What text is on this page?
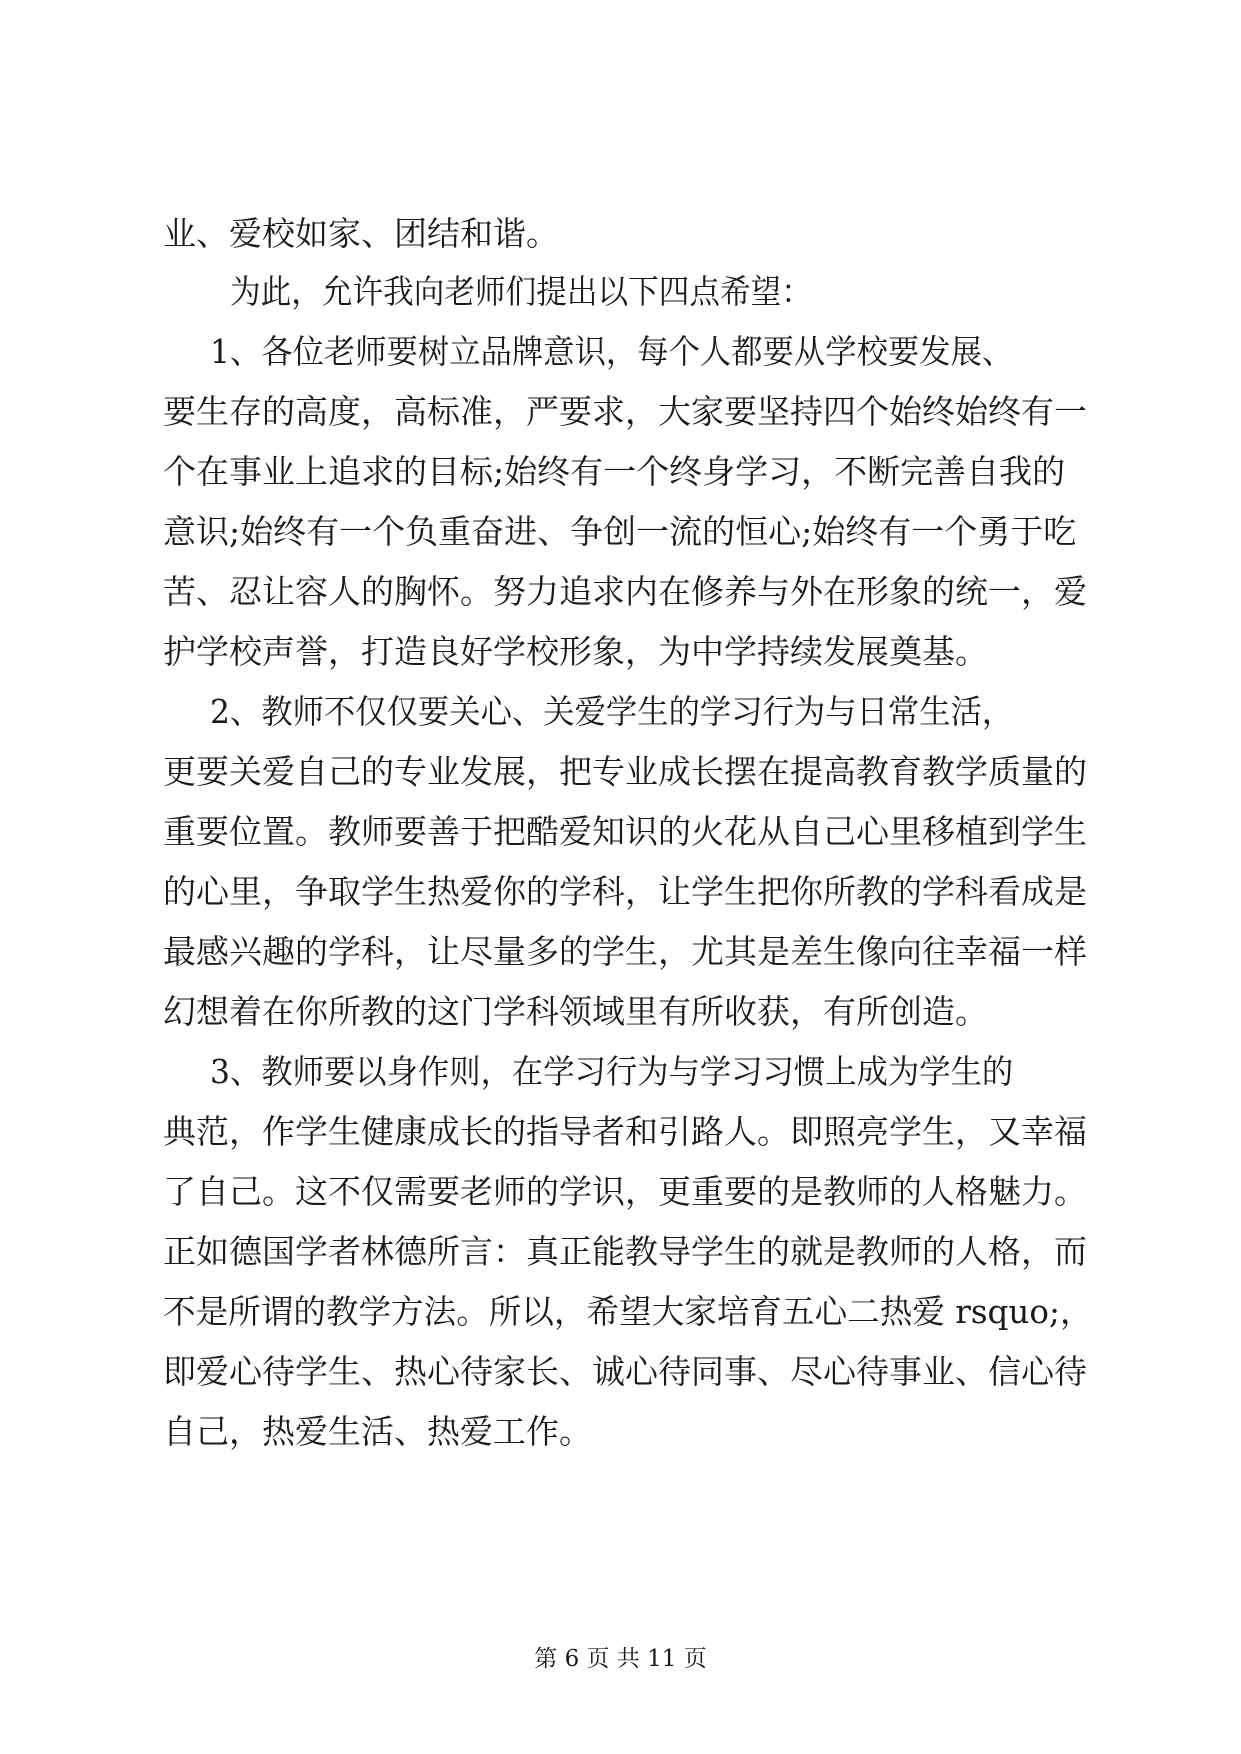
业、爱校如家、团结和谐。
为此，允许我向老师们提出以下四点希望：
1、各位老师要树立品牌意识，每个人都要从学校要发展、
要生存的高度，高标准，严要求，大家要坚持四个始终始终有一
个在事业上追求的目标;始终有一个终身学习，不断完善自我的
意识;始终有一个负重奋进、争创一流的恒心;始终有一个勇于吃
苦、忍让容人的胸怀。努力追求内在修养与外在形象的统一，爱
护学校声誉，打造良好学校形象，为中学持续发展奠基。
2、教师不仅仅要关心、关爱学生的学习行为与日常生活，
更要关爱自己的专业发展，把专业成长摆在提高教育教学质量的
重要位置。教师要善于把酷爱知识的火花从自己心里移植到学生
的心里，争取学生热爱你的学科，让学生把你所教的学科看成是
最感兴趣的学科，让尽量多的学生，尤其是差生像向往幸福一样
幻想着在你所教的这门学科领域里有所收获，有所创造。
3、教师要以身作则，在学习行为与学习习惯上成为学生的
典范，作学生健康成长的指导者和引路人。即照亮学生，又幸福
了自己。这不仅需要老师的学识，更重要的是教师的人格魅力。
正如德国学者林德所言：真正能教导学生的就是教师的人格，而
不是所谓的教学方法。所以，希望大家培育五心二热爱 rsquo;，
即爱心待学生、热心待家长、诚心待同事、尽心待事业、信心待
自己，热爱生活、热爱工作。
第 6 页 共 11 页
